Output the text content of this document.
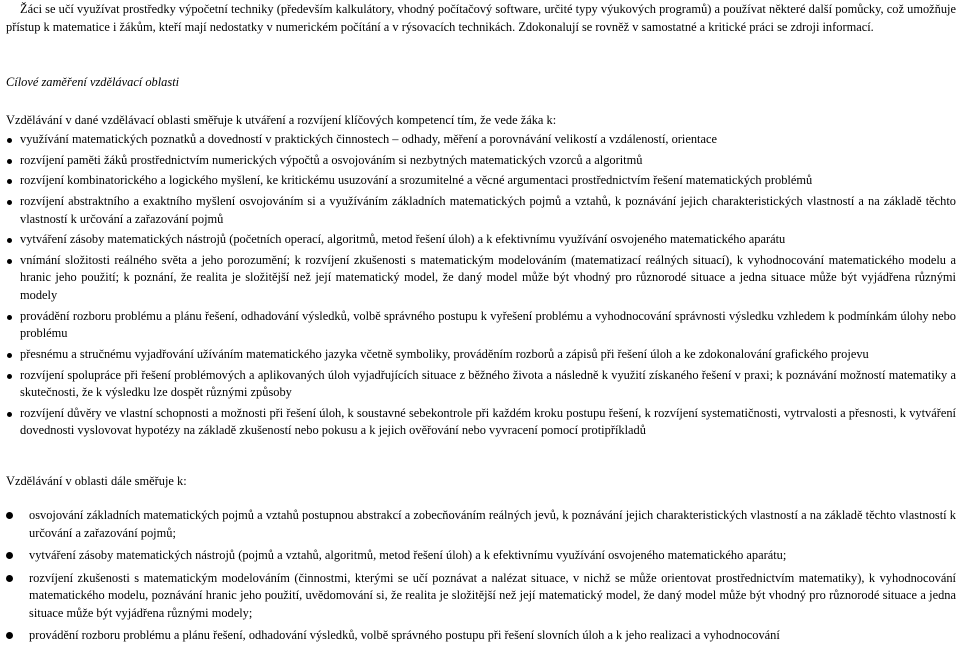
Žáci se učí využívat prostředky výpočetní techniky (především kalkulátory, vhodný počítačový software, určité typy výukových programů) a používat některé další pomůcky, což umožňuje přístup k matematice i žákům, kteří mají nedostatky v numerickém počítání a v rýsovacích technikách. Zdokonalují se rovněž v samostatné a kritické práci se zdroji informací.

Cílové zaměření vzdělávací oblasti

Vzdělávání v dané vzdělávací oblasti směřuje k utváření a rozvíjení klíčových kompetencí tím, že vede žáka k:

využívání matematických poznatků a dovedností v praktických činnostech – odhady, měření a porovnávání velikostí a vzdáleností, orientace
rozvíjení paměti žáků prostřednictvím numerických výpočtů a osvojováním si nezbytných matematických vzorců a algoritmů
rozvíjení kombinatorického a logického myšlení, ke kritickému usuzování a srozumitelné a věcné argumentaci prostřednictvím řešení matematických problémů
rozvíjení abstraktního a exaktního myšlení osvojováním si a využíváním základních matematických pojmů a vztahů, k poznávání jejich charakteristických vlastností a na základě těchto vlastností k určování a zařazování pojmů
vytváření zásoby matematických nástrojů (početních operací, algoritmů, metod řešení úloh) a k efektivnímu využívání osvojeného matematického aparátu
vnímání složitosti reálného světa a jeho porozumění; k rozvíjení zkušenosti s matematickým modelováním (matematizací reálných situací), k vyhodnocování matematického modelu a hranic jeho použití; k poznání, že realita je složitější než její matematický model, že daný model může být vhodný pro různorodé situace a jedna situace může být vyjádřena různými modely
provádění rozboru problému a plánu řešení, odhadování výsledků, volbě správného postupu k vyřešení problému a vyhodnocování správnosti výsledku vzhledem k podmínkám úlohy nebo problému
přesnému a stručnému vyjadřování užíváním matematického jazyka včetně symboliky, prováděním rozborů a zápisů při řešení úloh a ke zdokonalování grafického projevu
rozvíjení spolupráce při řešení problémových a aplikovaných úloh vyjadřujících situace z běžného života a následně k využití získaného řešení v praxi; k poznávání možností matematiky a skutečnosti, že k výsledku lze dospět různými způsoby
rozvíjení důvěry ve vlastní schopnosti a možnosti při řešení úloh, k soustavné sebekontrole při každém kroku postupu řešení, k rozvíjení systematičnosti, vytrvalosti a přesnosti, k vytváření dovednosti vyslovovat hypotézy na základě zkušeností nebo pokusu a k jejich ověřování nebo vyvracení pomocí protipříkladů

Vzdělávání v oblasti dále směřuje k:

osvojování základních matematických pojmů a vztahů postupnou abstrakcí a zobecňováním reálných jevů, k poznávání jejich charakteristických vlastností a na základě těchto vlastností k určování a zařazování pojmů;
vytváření zásoby matematických nástrojů (pojmů a vztahů, algoritmů, metod řešení úloh) a k efektivnímu využívání osvojeného matematického aparátu;
rozvíjení zkušenosti s matematickým modelováním (činnostmi, kterými se učí poznávat a nalézat situace, v nichž se může orientovat prostřednictvím matematiky), k vyhodnocování matematického modelu, poznávání hranic jeho použití, uvědomování si, že realita je složitější než její matematický model, že daný model může být vhodný pro různorodé situace a jedna situace může být vyjádřena různými modely;
provádění rozboru problému a plánu řešení, odhadování výsledků, volbě správného postupu při řešení slovních úloh a k jeho realizaci a vyhodnocování
